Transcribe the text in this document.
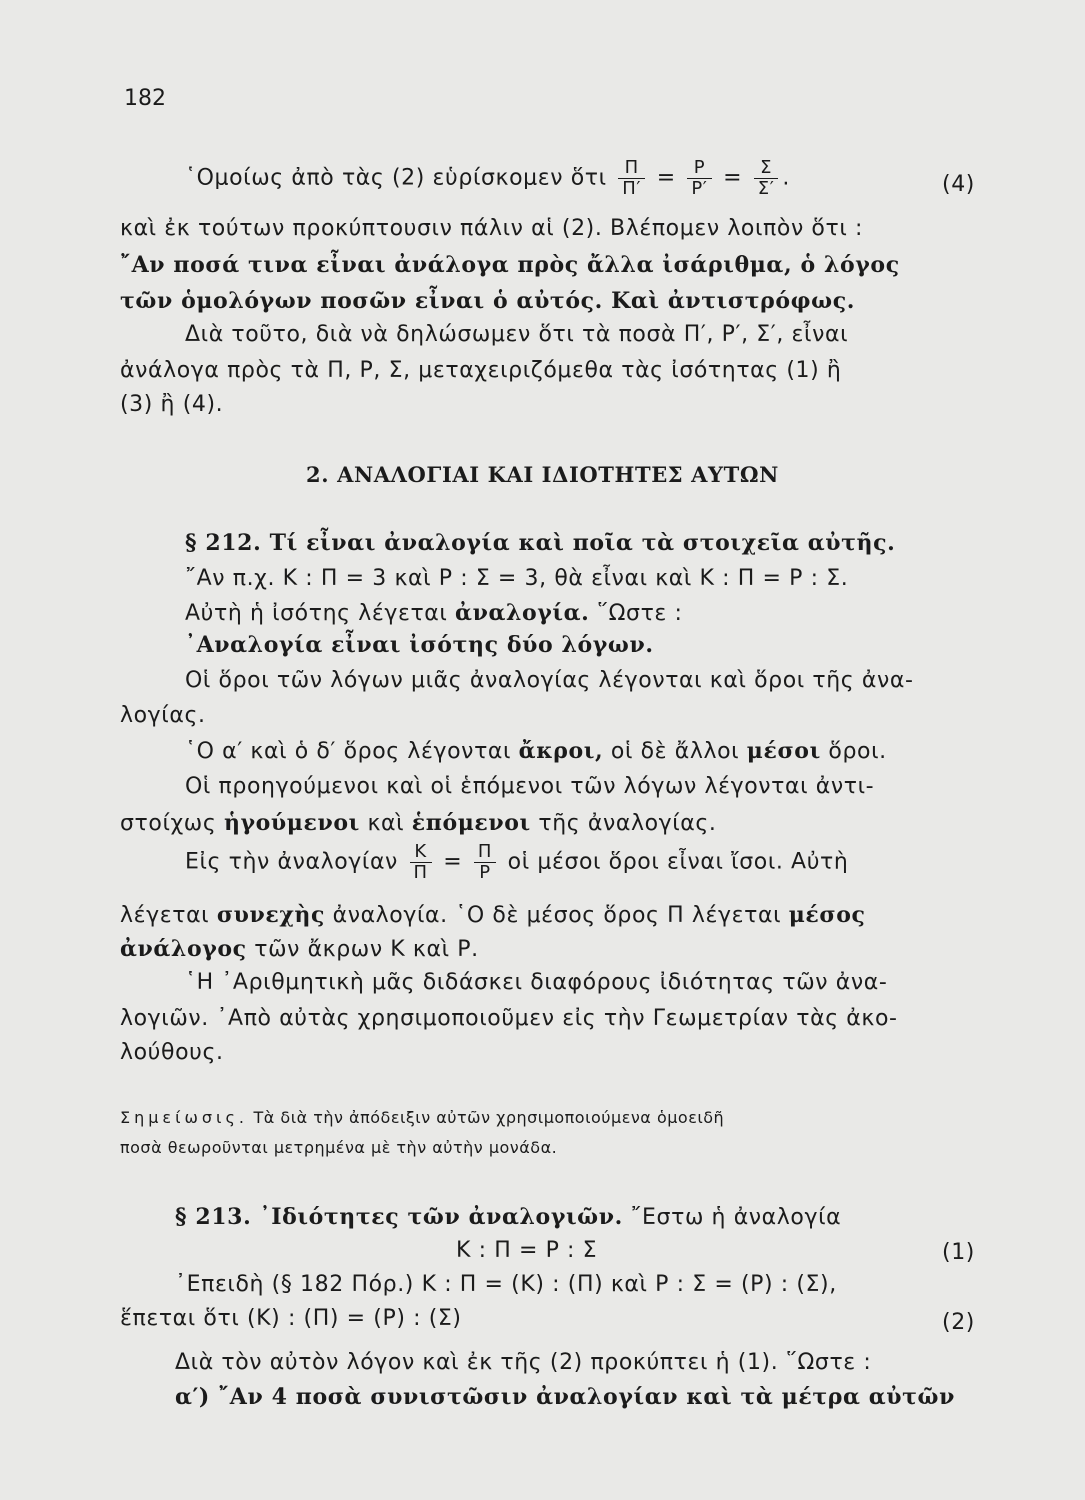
182
῾Ομοίως ἀπὸ τὰς (2) εὑρίσκομεν ὅτι $\frac{\Pi}{\Pi'} = \frac{P}{P'} = \frac{\Sigma}{\Sigma'}$ .	(4)
καὶ ἐκ τούτων προκύπτουσιν πάλιν αἱ (2). Βλέπομεν λοιπὸν ὅτι :
῎Αν ποσά τινα εἶναι ἀνάλογα πρὸς ἄλλα ἰσάριθμα, ὁ λόγος
τῶν ὁμολόγων ποσῶν εἶναι ὁ αὐτός. Καὶ ἀντιστρόφως.
Διὰ τοῦτο, διὰ νὰ δηλώσωμεν ὅτι τὰ ποσὰ Π′, Ρ′, Σ′, εἶναι
ἀνάλογα πρὸς τὰ Π, Ρ, Σ, μεταχειριζόμεθα τὰς ἰσότητας (1) ἢ
(3) ἢ (4).
2. ΑΝΑΛΟΓΙΑΙ ΚΑΙ ΙΔΙΟΤΗΤΕΣ ΑΥΤΩΝ
§ 212. Τί εἶναι ἀναλογία καὶ ποῖα τὰ στοιχεῖα αὐτῆς.
῎Αν π.χ. Κ : Π = 3 καὶ Ρ : Σ = 3, θὰ εἶναι καὶ Κ : Π = Ρ : Σ.
Αὐτὴ ἡ ἰσότης λέγεται ἀναλογία. ῞Ωστε :
᾿Αναλογία εἶναι ἰσότης δύο λόγων.
Οἱ ὅροι τῶν λόγων μιᾶς ἀναλογίας λέγονται καὶ ὅροι τῆς ἀνα-
λογίας.
῾Ο α′ καὶ ὁ δ′ ὅρος λέγονται ἄκροι, οἱ δὲ ἄλλοι μέσοι ὅροι.
Οἱ προηγούμενοι καὶ οἱ ἑπόμενοι τῶν λόγων λέγονται ἀντι-
στοίχως ἡγούμενοι καὶ ἑπόμενοι τῆς ἀναλογίας.
Εἰς τὴν ἀναλογίαν $\frac{K}{\Pi} = \frac{\Pi}{P}$ οἱ μέσοι ὅροι εἶναι ἴσοι. Αὐτὴ
λέγεται συνεχὴς ἀναλογία. ῾Ο δὲ μέσος ὅρος Π λέγεται μέσος
ἀνάλογος τῶν ἄκρων Κ καὶ Ρ.
῾Η ᾿Αριθμητικὴ μᾶς διδάσκει διαφόρους ἰδιότητας τῶν ἀνα-
λογιῶν. ᾿Απὸ αὐτὰς χρησιμοποιοῦμεν εἰς τὴν Γεωμετρίαν τὰς ἀκο-
λούθους.
Σημείωσις. Τὰ διὰ τὴν ἀπόδειξιν αὐτῶν χρησιμοποιούμενα ὁμοειδῆ
ποσὰ θεωροῦνται μετρημένα μὲ τὴν αὐτὴν μονάδα.
§ 213. ᾿Ιδιότητες τῶν ἀναλογιῶν. ῎Εστω ἡ ἀναλογία
Κ : Π = Ρ : Σ	(1)
᾿Επειδὴ (§ 182 Πόρ.) Κ : Π = (Κ) : (Π) καὶ Ρ : Σ = (Ρ) : (Σ),
ἕπεται ὅτι (Κ) : (Π) = (Ρ) : (Σ)	(2)
Διὰ τὸν αὐτὸν λόγον καὶ ἐκ τῆς (2) προκύπτει ἡ (1). ῞Ωστε :
α′) ῎Αν 4 ποσὰ συνιστῶσιν ἀναλογίαν καὶ τὰ μέτρα αὐτῶν
